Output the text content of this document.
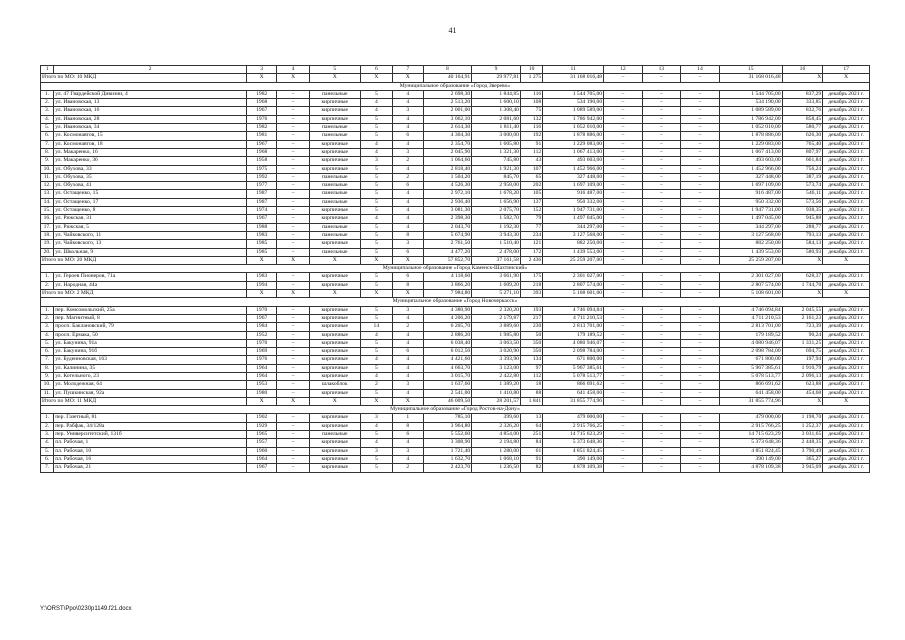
41
1	2	3	4	5	6	7	8	9	10	11	12	13	14	15	16	17
Итого по МО: 10 МКД		X	X	X	X	X	40 164,91	29 977,81	1 275	31 168 016,48	–	–	–	31 168 016,48	X	X
Муниципальное образование «Город Зверево»																
1.	ул. 47 Гвардейской Дивизии, 4	1982	–	панельные	5	4	2 698,30	1 844,85	116	1 544 705,00	–	–	–	1 544 705,00	837,29	декабрь 2021 г.
2.	ул. Ивановская, 13	1968	–	кирпичные	4	4	2 513,20	1 600,10	108	534 190,00	–	–	–	534 190,00	333,85	декабрь 2021 г.
3.	ул. Ивановская, 16	1967	–	кирпичные	4	3	2 001,00	1 308,40	75	1 089 589,00	–	–	–	1 089 589,00	832,76	декабрь 2021 г.
4.	ул. Ивановская, 28	1976	–	кирпичные	5	4	3 062,10	2 081,60	132	1 786 942,00	–	–	–	1 786 942,00	858,45	декабрь 2021 г.
5.	ул. Ивановская, 34	1982	–	панельные	5	4	2 614,30	1 811,40	116	1 052 010,00	–	–	–	1 052 010,00	580,77	декабрь 2021 г.
6.	ул. Космонавтов, 15	1981	–	панельные	5	6	4 304,30	3 000,00	192	1 878 886,00	–	–	–	1 878 886,00	626,30	декабрь 2021 г.
7.	ул. Космонавтов, 18	1967	–	кирпичные	4	4	2 354,70	1 605,80	91	1 229 083,00	–	–	–	1 229 083,00	765,40	декабрь 2021 г.
8.	ул. Макаренко, 16	1968	–	кирпичные	4	3	2 045,90	1 321,30	112	1 067 413,00	–	–	–	1 067 413,00	807,97	декабрь 2021 г.
9.	ул. Макаренко, 36	1958	–	кирпичные	3	2	1 064,60	745,80	43	493 603,00	–	–	–	493 603,00	661,84	декабрь 2021 г.
10.	ул. Обухова, 33	1975	–	кирпичные	5	4	2 818,40	1 921,30	107	1 452 966,00	–	–	–	1 452 966,00	756,24	декабрь 2021 г.
11.	ул. Обухова, 35	1992	–	панельные	5	2	1 504,20	845,70	65	327 448,00	–	–	–	327 448,00	387,19	декабрь 2021 г.
12.	ул. Обухова, 41	1977	–	панельные	5	6	4 526,30	2 958,00	202	1 697 109,00	–	–	–	1 697 109,00	573,74	декабрь 2021 г.
13.	ул. Остащенко, 15	1987	–	панельные	5	4	2 972,10	1 678,20	105	916 487,00	–	–	–	916 487,00	546,11	декабрь 2021 г.
14.	ул. Остащенко, 17	1987	–	панельные	5	4	2 936,40	1 656,90	137	950 332,00	–	–	–	950 332,00	573,56	декабрь 2021 г.
15.	ул. Остащенко, 8	1974	–	кирпичные	5	4	3 081,30	2 075,70	152	1 947 731,00	–	–	–	1 947 731,00	938,35	декабрь 2021 г.
16.	ул. Рижская, 31	1967	–	кирпичные	4	4	2 398,30	1 582,70	79	1 497 045,00	–	–	–	1 497 045,00	945,88	декабрь 2021 г.
17.	ул. Рижская, 5	1988	–	панельные	5	4	2 043,70	1 192,30	77	344 297,00	–	–	–	344 297,00	288,77	декабрь 2021 г.
18.	ул. Чайковского, 11	1983	–	панельные	5	8	5 674,90	3 943,30	234	3 127 568,00	–	–	–	3 127 568,00	793,13	декабрь 2021 г.
19.	ул. Чайковского, 13	1985	–	кирпичные	5	3	2 761,50	1 510,40	121	882 250,00	–	–	–	882 250,00	584,13	декабрь 2021 г.
20.	ул. Школьная, 9	1985	–	панельные	5	6	4 477,20	2 478,00	172	1 439 553,00	–	–	–	1 439 553,00	580,93	декабрь 2021 г.
Итого по МО: 20 МКД		X	X	X	X	X	57 852,70	37 161,58	2 436	25 259 207,00	–	–	–	25 259 207,00	X	X
Муниципальное образование «Город Каменск-Шахтинский»																
1.	ул. Героев Пионеров, 71а	1983	–	кирпичные	5	6	4 118,60	3 661,90	175	2 301 027,00	–	–	–	2 301 027,00	628,37	декабрь 2021 г.
2.	ул. Народная, 44а	1994	–	кирпичные	5	8	3 866,20	1 609,20	218	2 807 574,00	–	–	–	2 807 574,00	1 744,70	декабрь 2021 г.
Итого по МО: 2 МКД		X	X	X	X	X	7 984,80	5 271,10	393	5 108 601,00	–	–	–	5 108 601,00	X	X
Муниципальное образование «Город Новочеркасск»																
1.	пер. Комсомольский, 25а	1970	–	кирпичные	5	3	4 380,90	2 320,20	193	4 746 094,84	–	–	–	4 746 094,84	2 045,55	декабрь 2021 г.
2.	пер. Магнитный, 8	1967	–	кирпичные	5	4	4 206,20	2 179,87	217	4 711 210,53	–	–	–	4 711 210,53	2 161,23	декабрь 2021 г.
3.	просп. Баклановский, 79	1984	–	кирпичные	14	2	6 205,70	3 889,60	230	2 813 701,00	–	–	–	2 813 701,00	723,39	декабрь 2021 г.
4.	просп. Ермака, 50	1952	–	кирпичные	4	4	2 886,20	1 985,80	50	179 189,52	–	–	–	179 189,52	90,24	декабрь 2021 г.
5.	ул. Бакунина, 91а	1970	–	кирпичные	5	4	6 038,40	3 063,50	350	4 080 946,07	–	–	–	4 080 946,07	1 331,25	декабрь 2021 г.
6.	ул. Бакунина, 91б	1969	–	кирпичные	5	6	6 012,50	3 020,90	350	2 098 784,00	–	–	–	2 098 784,00	694,75	декабрь 2021 г.
7.	ул. Буденновская, 163	1976	–	кирпичные	4	4	4 421,60	3 393,90	134	671 800,00	–	–	–	671 800,00	197,94	декабрь 2021 г.
8.	ул. Калинина, 35	1964	–	кирпичные	5	4	4 663,70	3 123,00	97	5 967 385,61	–	–	–	5 967 385,61	1 910,79	декабрь 2021 г.
9.	ул. Котельного, 23	1964	–	кирпичные	4	4	3 015,70	2 422,80	112	5 078 513,77	–	–	–	5 078 513,77	2 096,13	декабрь 2021 г.
10.	ул. Молодежная, 64	1953	–	шлакоблок	2	3	1 637,60	1 389,20	18	866 691,62	–	–	–	866 691,62	623,88	декабрь 2021 г.
11.	ул. Пушкинская, 92а	1980	–	кирпичные	5	4	2 541,00	1 410,80	88	641 458,00	–	–	–	641 458,00	454,68	декабрь 2021 г.
Итого по МО: 11 МКД		X	X	X	X	X	46 009,50	28 201,57	1 841	31 855 774,96	–	–	–	31 855 774,96	X	X
Муниципальное образование «Город Ростов-на-Дону»																
1.	пер. Газетный, 81	1902	–	кирпичные	3	1	785,10	399,60	13	479 000,00	–	–	–	479 000,00	1 198,70	декабрь 2021 г.
2.	пер. Рабфак, 34/128а	1929	–	кирпичные	4	8	3 964,80	2 326,20	64	2 915 766,25	–	–	–	2 915 766,25	1 252,37	декабрь 2021 г.
3.	пер. Университетский, 131б	1965	–	панельные	5	6	5 552,60	4 854,00	251	14 715 623,29	–	–	–	14 715 623,29	3 031,65	декабрь 2021 г.
4.	пл. Рабочая, 1	1957	–	кирпичные	4	4	3 308,90	2 194,80	84	5 373 648,36	–	–	–	5 373 648,36	2 448,35	декабрь 2021 г.
5.	пл. Рабочая, 10	1960	–	кирпичные	3	3	1 721,40	1 280,00	61	4 851 824,45	–	–	–	4 851 824,45	3 790,49	декабрь 2021 г.
6.	пл. Рабочая, 16	1964	–	кирпичные	5	4	1 632,70	1 068,10	91	390 149,00	–	–	–	390 149,00	365,27	декабрь 2021 г.
7.	пл. Рабочая, 21	1967	–	кирпичные	5	2	2 423,70	1 236,50	82	4 878 109,38	–	–	–	4 878 109,38	3 945,09	декабрь 2021 г.
Y:\ORST\Ppo\0230p1149.f21.docx
